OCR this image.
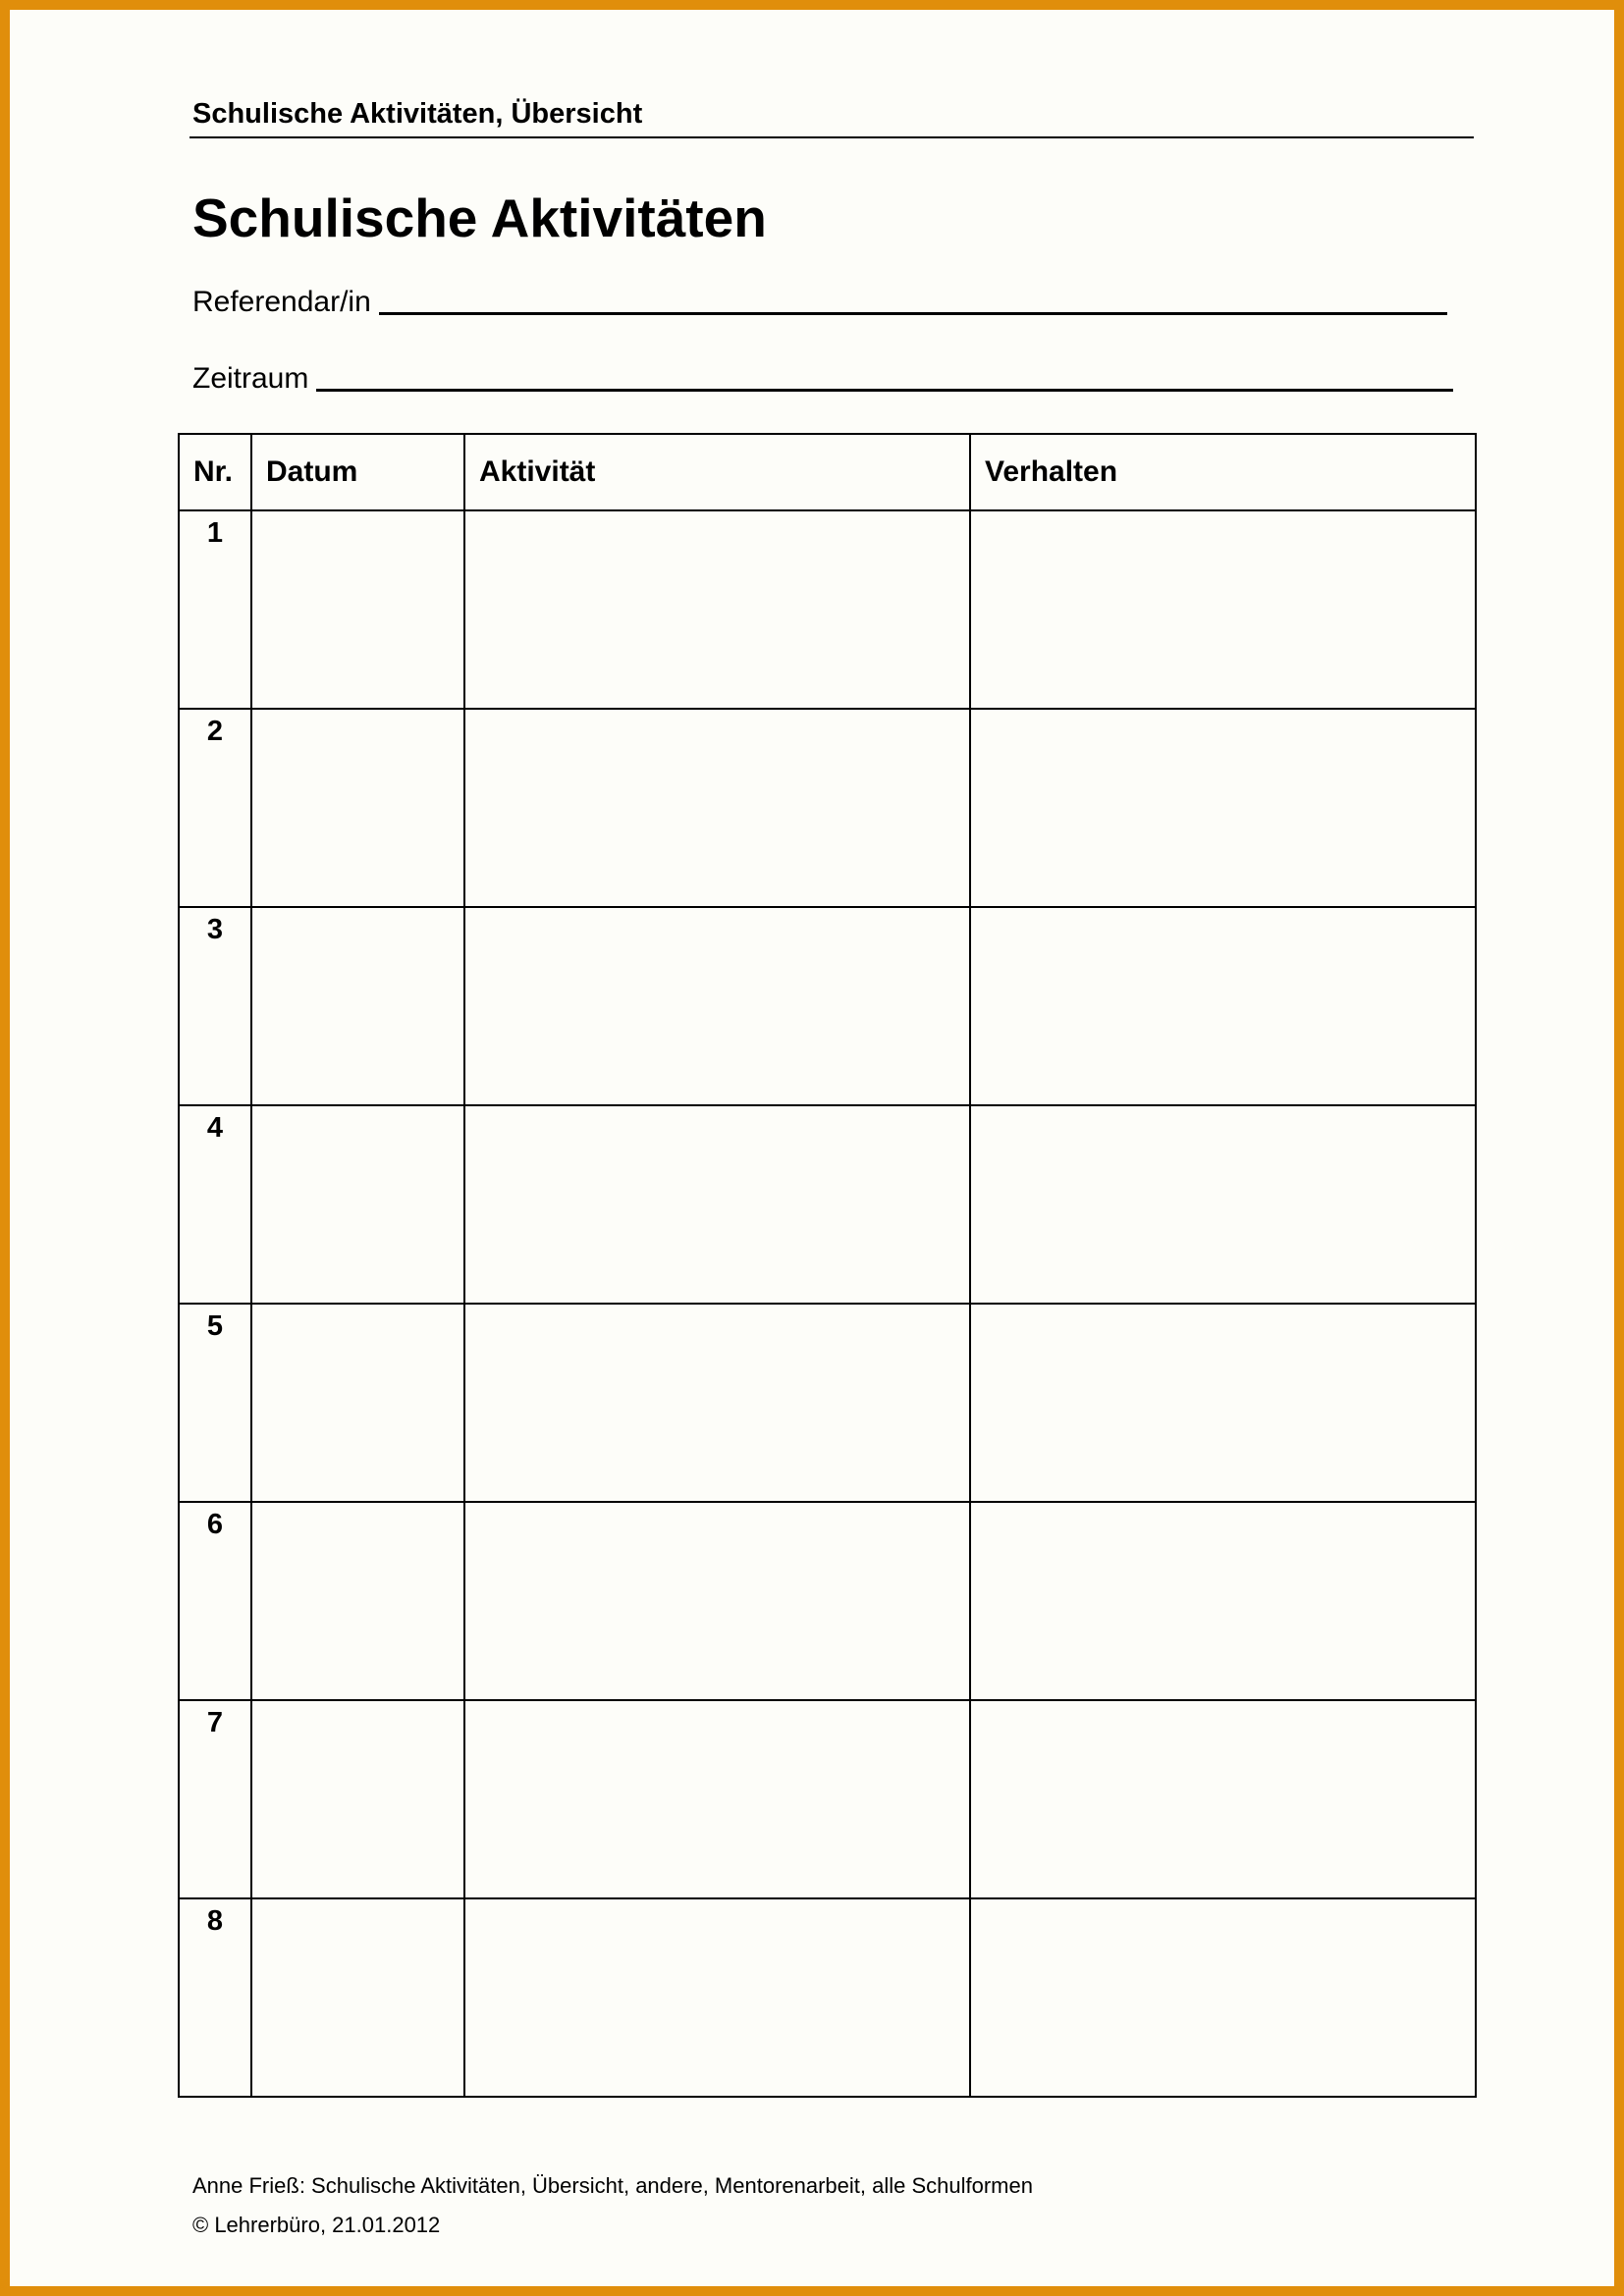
Schulische Aktivitäten, Übersicht
Schulische Aktivitäten
Referendar/in
Zeitraum
Nr.	Datum	Aktivität	Verhalten
1			
2			
3			
4			
5			
6			
7			
8			
Anne Frieß: Schulische Aktivitäten, Übersicht, andere, Mentorenarbeit, alle Schulformen
© Lehrerbüro, 21.01.2012
